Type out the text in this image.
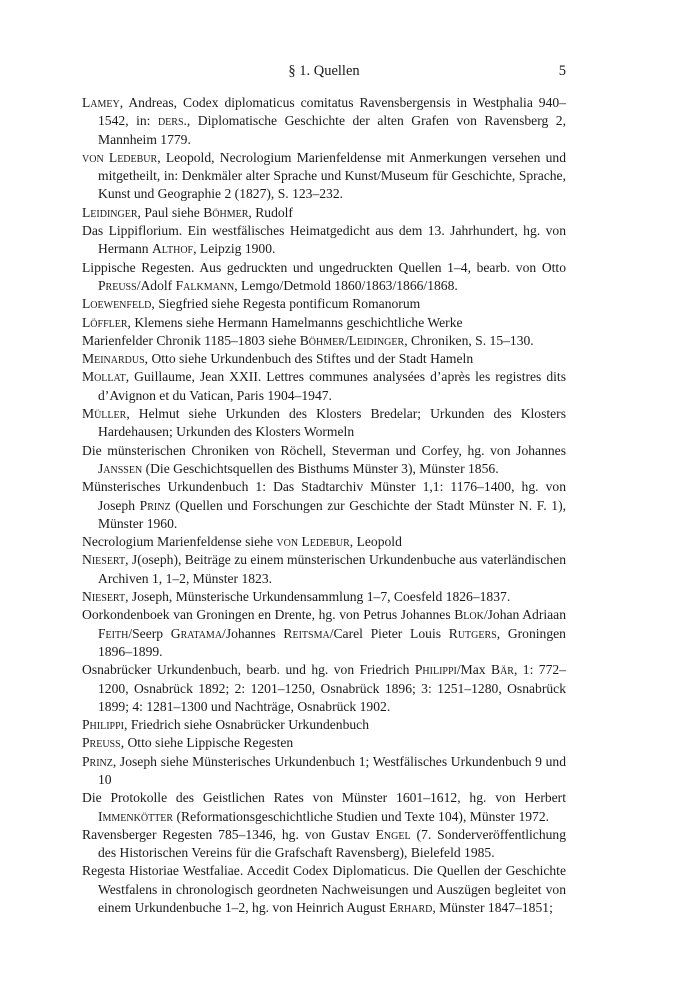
§ 1. Quellen	5

Lamey, Andreas, Codex diplomaticus comitatus Ravensbergensis in Westphalia 940–1542, in: ders., Diplomatische Geschichte der alten Grafen von Ravensberg 2, Mannheim 1779.

von Ledebur, Leopold, Necrologium Marienfeldense mit Anmerkungen versehen und mitgetheilt, in: Denkmäler alter Sprache und Kunst/Museum für Geschichte, Sprache, Kunst und Geographie 2 (1827), S. 123–232.

Leidinger, Paul siehe Böhmer, Rudolf

Das Lippiflorium. Ein westfälisches Heimatgedicht aus dem 13. Jahrhundert, hg. von Hermann Althof, Leipzig 1900.

Lippische Regesten. Aus gedruckten und ungedruckten Quellen 1–4, bearb. von Otto Preuss/Adolf Falkmann, Lemgo/Detmold 1860/1863/1866/1868.

Loewenfeld, Siegfried siehe Regesta pontificum Romanorum

Löffler, Klemens siehe Hermann Hamelmanns geschichtliche Werke

Marienfelder Chronik 1185–1803 siehe Böhmer/Leidinger, Chroniken, S. 15–130.

Meinardus, Otto siehe Urkundenbuch des Stiftes und der Stadt Hameln

Mollat, Guillaume, Jean XXII. Lettres communes analysées d’après les registres dits d’Avignon et du Vatican, Paris 1904–1947.

Müller, Helmut siehe Urkunden des Klosters Bredelar; Urkunden des Klosters Hardehausen; Urkunden des Klosters Wormeln

Die münsterischen Chroniken von Röchell, Steverman und Corfey, hg. von Johannes Janssen (Die Geschichtsquellen des Bisthums Münster 3), Münster 1856.

Münsterisches Urkundenbuch 1: Das Stadtarchiv Münster 1,1: 1176–1400, hg. von Joseph Prinz (Quellen und Forschungen zur Geschichte der Stadt Münster N. F. 1), Münster 1960.

Necrologium Marienfeldense siehe von Ledebur, Leopold

Niesert, J(oseph), Beiträge zu einem münsterischen Urkundenbuche aus vaterländischen Archiven 1, 1–2, Münster 1823.

Niesert, Joseph, Münsterische Urkundensammlung 1–7, Coesfeld 1826–1837.

Oorkondenboek van Groningen en Drente, hg. von Petrus Johannes Blok/Johan Adriaan Feith/Seerp Gratama/Johannes Reitsma/Carel Pieter Louis Rutgers, Groningen 1896–1899.

Osnabrücker Urkundenbuch, bearb. und hg. von Friedrich Philippi/Max Bär, 1: 772–1200, Osnabrück 1892; 2: 1201–1250, Osnabrück 1896; 3: 1251–1280, Osnabrück 1899; 4: 1281–1300 und Nachträge, Osnabrück 1902.

Philippi, Friedrich siehe Osnabrücker Urkundenbuch

Preuss, Otto siehe Lippische Regesten

Prinz, Joseph siehe Münsterisches Urkundenbuch 1; Westfälisches Urkundenbuch 9 und 10

Die Protokolle des Geistlichen Rates von Münster 1601–1612, hg. von Herbert Immenkötter (Reformationsgeschichtliche Studien und Texte 104), Münster 1972.

Ravensberger Regesten 785–1346, hg. von Gustav Engel (7. Sonderveröffentlichung des Historischen Vereins für die Grafschaft Ravensberg), Bielefeld 1985.

Regesta Historiae Westfaliae. Accedit Codex Diplomaticus. Die Quellen der Geschichte Westfalens in chronologisch geordneten Nachweisungen und Auszügen begleitet von einem Urkundenbuche 1–2, hg. von Heinrich August Erhard, Münster 1847–1851;
